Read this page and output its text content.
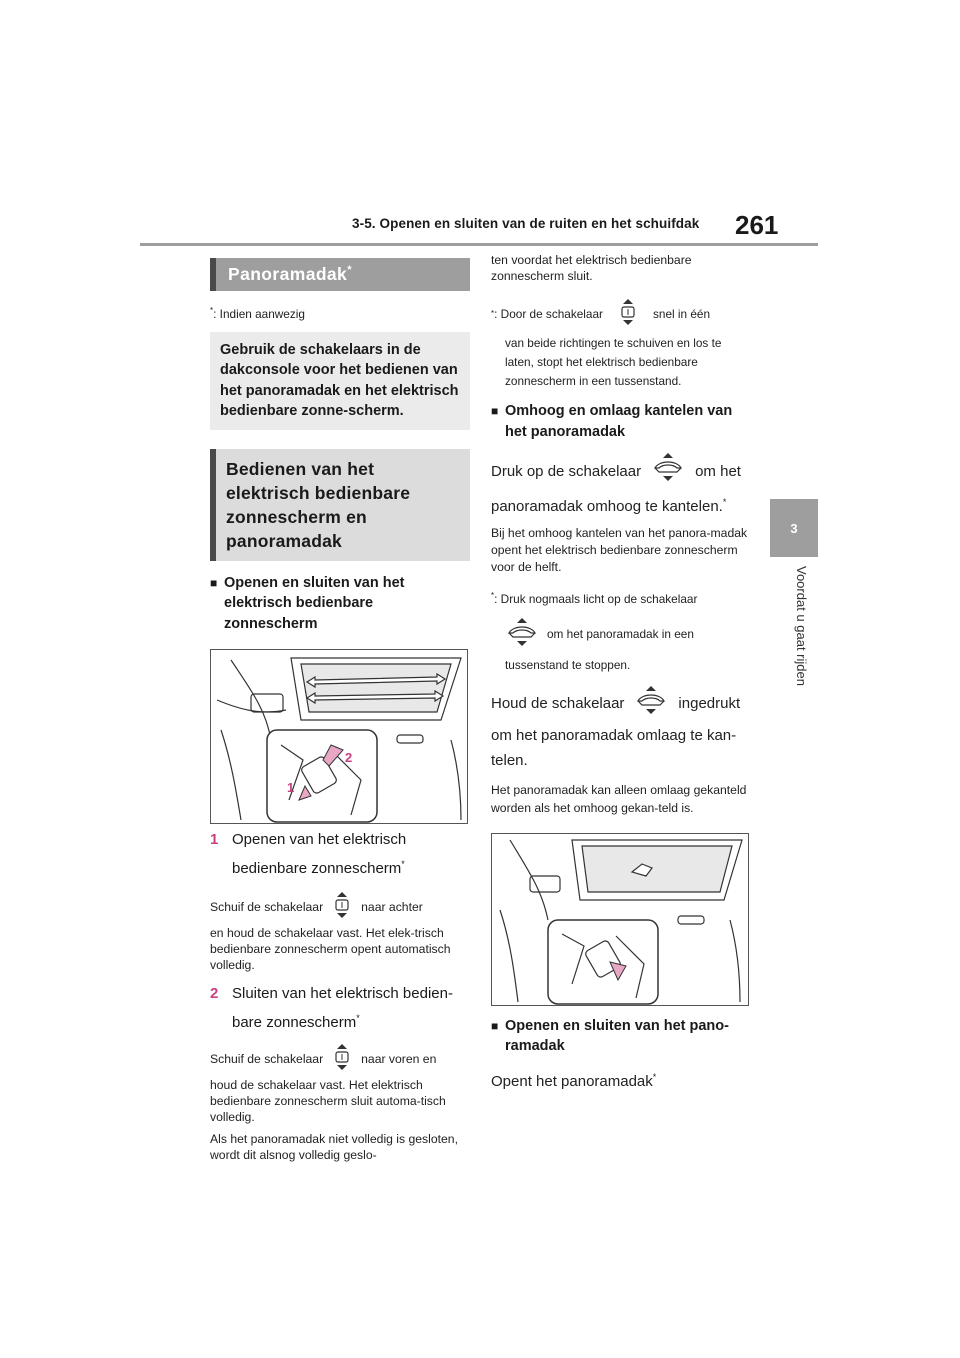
3-5. Openen en sluiten van de ruiten en het schuifdak 261
3
Voordat u gaat rijden
Panoramadak*
*: Indien aanwezig
Gebruik de schakelaars in de dakconsole voor het bedienen van het panoramadak en het elektrisch bedienbare zonne-scherm.
Bedienen van het elektrisch bedienbare zonnescherm en panoramadak
■ Openen en sluiten van het elektrisch bedienbare zonnescherm
2
1
1 Openen van het elektrisch bedienbare zonnescherm*
Schuif de schakelaar	naar achter
en houd de schakelaar vast. Het elek-trisch bedienbare zonnescherm opent automatisch volledig.
2 Sluiten van het elektrisch bedien-bare zonnescherm*
Schuif de schakelaar	naar voren en
houd de schakelaar vast. Het elektrisch bedienbare zonnescherm sluit automa-tisch volledig.
Als het panoramadak niet volledig is gesloten, wordt dit alsnog volledig geslo-
ten voordat het elektrisch bedienbare zonnescherm sluit.
* : Door de schakelaar	snel in één
van beide richtingen te schuiven en los te laten, stopt het elektrisch bedienbare zonnescherm in een tussenstand.
■ Omhoog en omlaag kantelen van het panoramadak
Druk op de schakelaar	om het
panoramadak omhoog te kantelen.*
Bij het omhoog kantelen van het panora-madak opent het elektrisch bedienbare zonnescherm voor de helft.
*: Druk nogmaals licht op de schakelaar
om het panoramadak in een
tussenstand te stoppen.
Houd de schakelaar	ingedrukt
om het panoramadak omlaag te kan-telen.
Het panoramadak kan alleen omlaag gekanteld worden als het omhoog gekan-teld is.
■ Openen en sluiten van het pano-ramadak
Opent het panoramadak*
